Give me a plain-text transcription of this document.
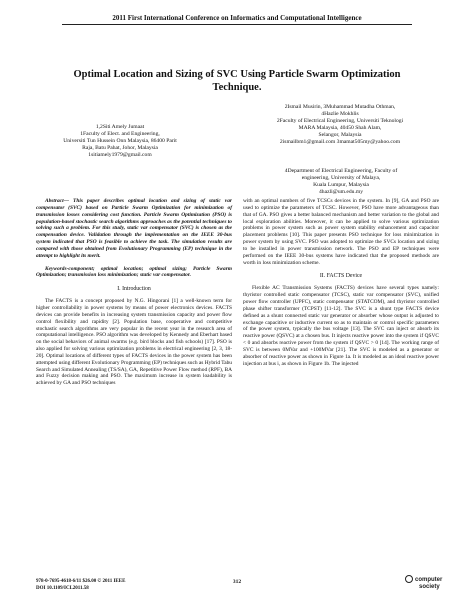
2011 First International Conference on Informatics and Computational Intelligence
Optimal Location and Sizing of SVC Using Particle Swarm Optimization
Technique.
1,2Siti Amely Jumaat
1Faculty of Elect. and Engineering,
Universiti Tun Hussein Onn Malaysia, 86400 Parit
Raja, Batu Pahat, Johor, Malaysia
1sitiamely1979@gmail.com
2Ismail Musirin, 3Muhammad Mutadha Othman,
4Hazlie Mokhlis
2Faculty of Electrical Engineering, Universiti Teknologi
MARA Malaysia, 40450 Shah Alam,
Selangor, Malaysia
2ismailbm1@gmail.com 3mamat505my@yahoo.com
4Department of Electrical Engineering, Faculty of
engineering, University of Malaya,
Kuala Lumpur, Malaysia
4hazli@um.edu.my

Abstract— This paper describes optimal location and sizing of static var compensator (SVC) based on Particle Swarm Optimization for minimization of transmission losses considering cost function. Particle Swarm Optimization (PSO) is population-based stochastic search algorithms approaches as the potential techniques to solving such a problem. For this study, static var compensator (SVC) is chosen as the compensation device. Validation through the implementation on the IEEE 30-bus system indicated that PSO is feasible to achieve the task. The simulation results are compared with those obtained from Evolutionary Programming (EP) technique in the attempt to highlight its merit.

Keywords-component; optimal location; optimal sizing; Particle Swarm Optimization; transmission loss minimization; static var compensator.

I. Introduction

The FACTS is a concept proposed by N.G. Hingorani [1] a well-known term for higher controllability in power systems by means of power electronics devices. FACTS devices can provide benefits in increasing system transmission capacity and power flow control flexibility and rapidity [2]. Population base, cooperative and competitive stochastic search algorithms are very popular in the recent year in the research area of computational intelligence. PSO algorithm was developed by Kennedy and Eberhart based on the social behaviors of animal swarms (e.g. bird blocks and fish schools) [17]. PSO is also applied for solving various optimization problems in electrical engineering [2, 3, 18-20]. Optimal locations of different types of FACTS devices in the power system has been attempted using different Evolutionary Programming (EP) techniques such as Hybrid Tabu Search and Simulated Annealing (TS/SA), GA, Repetitive Power Flow method (RPF), BA and Fuzzy decision making and PSO. The maximum increase in system loadability is achieved by GA and PSO techniques

with an optimal numbers of five TCSCs devices in the system. In [9], GA and PSO are used to optimize the parameters of TCSC. However, PSO have more advantageous than that of GA. PSO gives a better balanced mechanism and better variation to the global and local exploration abilities. Moreover, it can be applied to solve various optimization problems in power system such as power system stability enhancement and capacitor placement problems [10]. This paper presents PSO technique for loss minimization in power system by using SVC. PSO was adopted to optimize the SVCs location and sizing to be installed in power transmission network. The PSO and EP techniques were performed on the IEEE 30-bus systems have indicated that the proposed methods are worth in loss minimization scheme.

II. FACTS Device

Flexible AC Transmission Systems (FACTS) devices have several types namely: thyristor controlled static compensator (TCSC), static var compensator (SVC), unified power flow controller (UPFC), static compensator (STATCOM), and thyristor controlled phase shifter transformer (TCPST) [11-12]. The SVC is a shunt type FACTS device defined as a shunt connected static var generator or absorber whose output is adjusted to exchange capacitive or inductive current so as to maintain or control specific parameters of the power system, typically the bus voltage [13]. The SVC can inject or absorb its reactive power (QSVC) at a chosen bus. It injects reactive power into the system if QSVC < 0 and absorbs reactive power from the system if QSVC > 0 [14]. The working range of SVC is between 0MVar and +100MVar [21]. The SVC is modeled as a generator or absorber of reactive power as shown in Figure 1a. It is modeled as an ideal reactive power injection at bus i, as shown in Figure 1b. The injected

978-0-7695-4618-6/11 $26.00 © 2011 IEEE
DOI 10.1109/ICI.2011.58
312	computer
society
